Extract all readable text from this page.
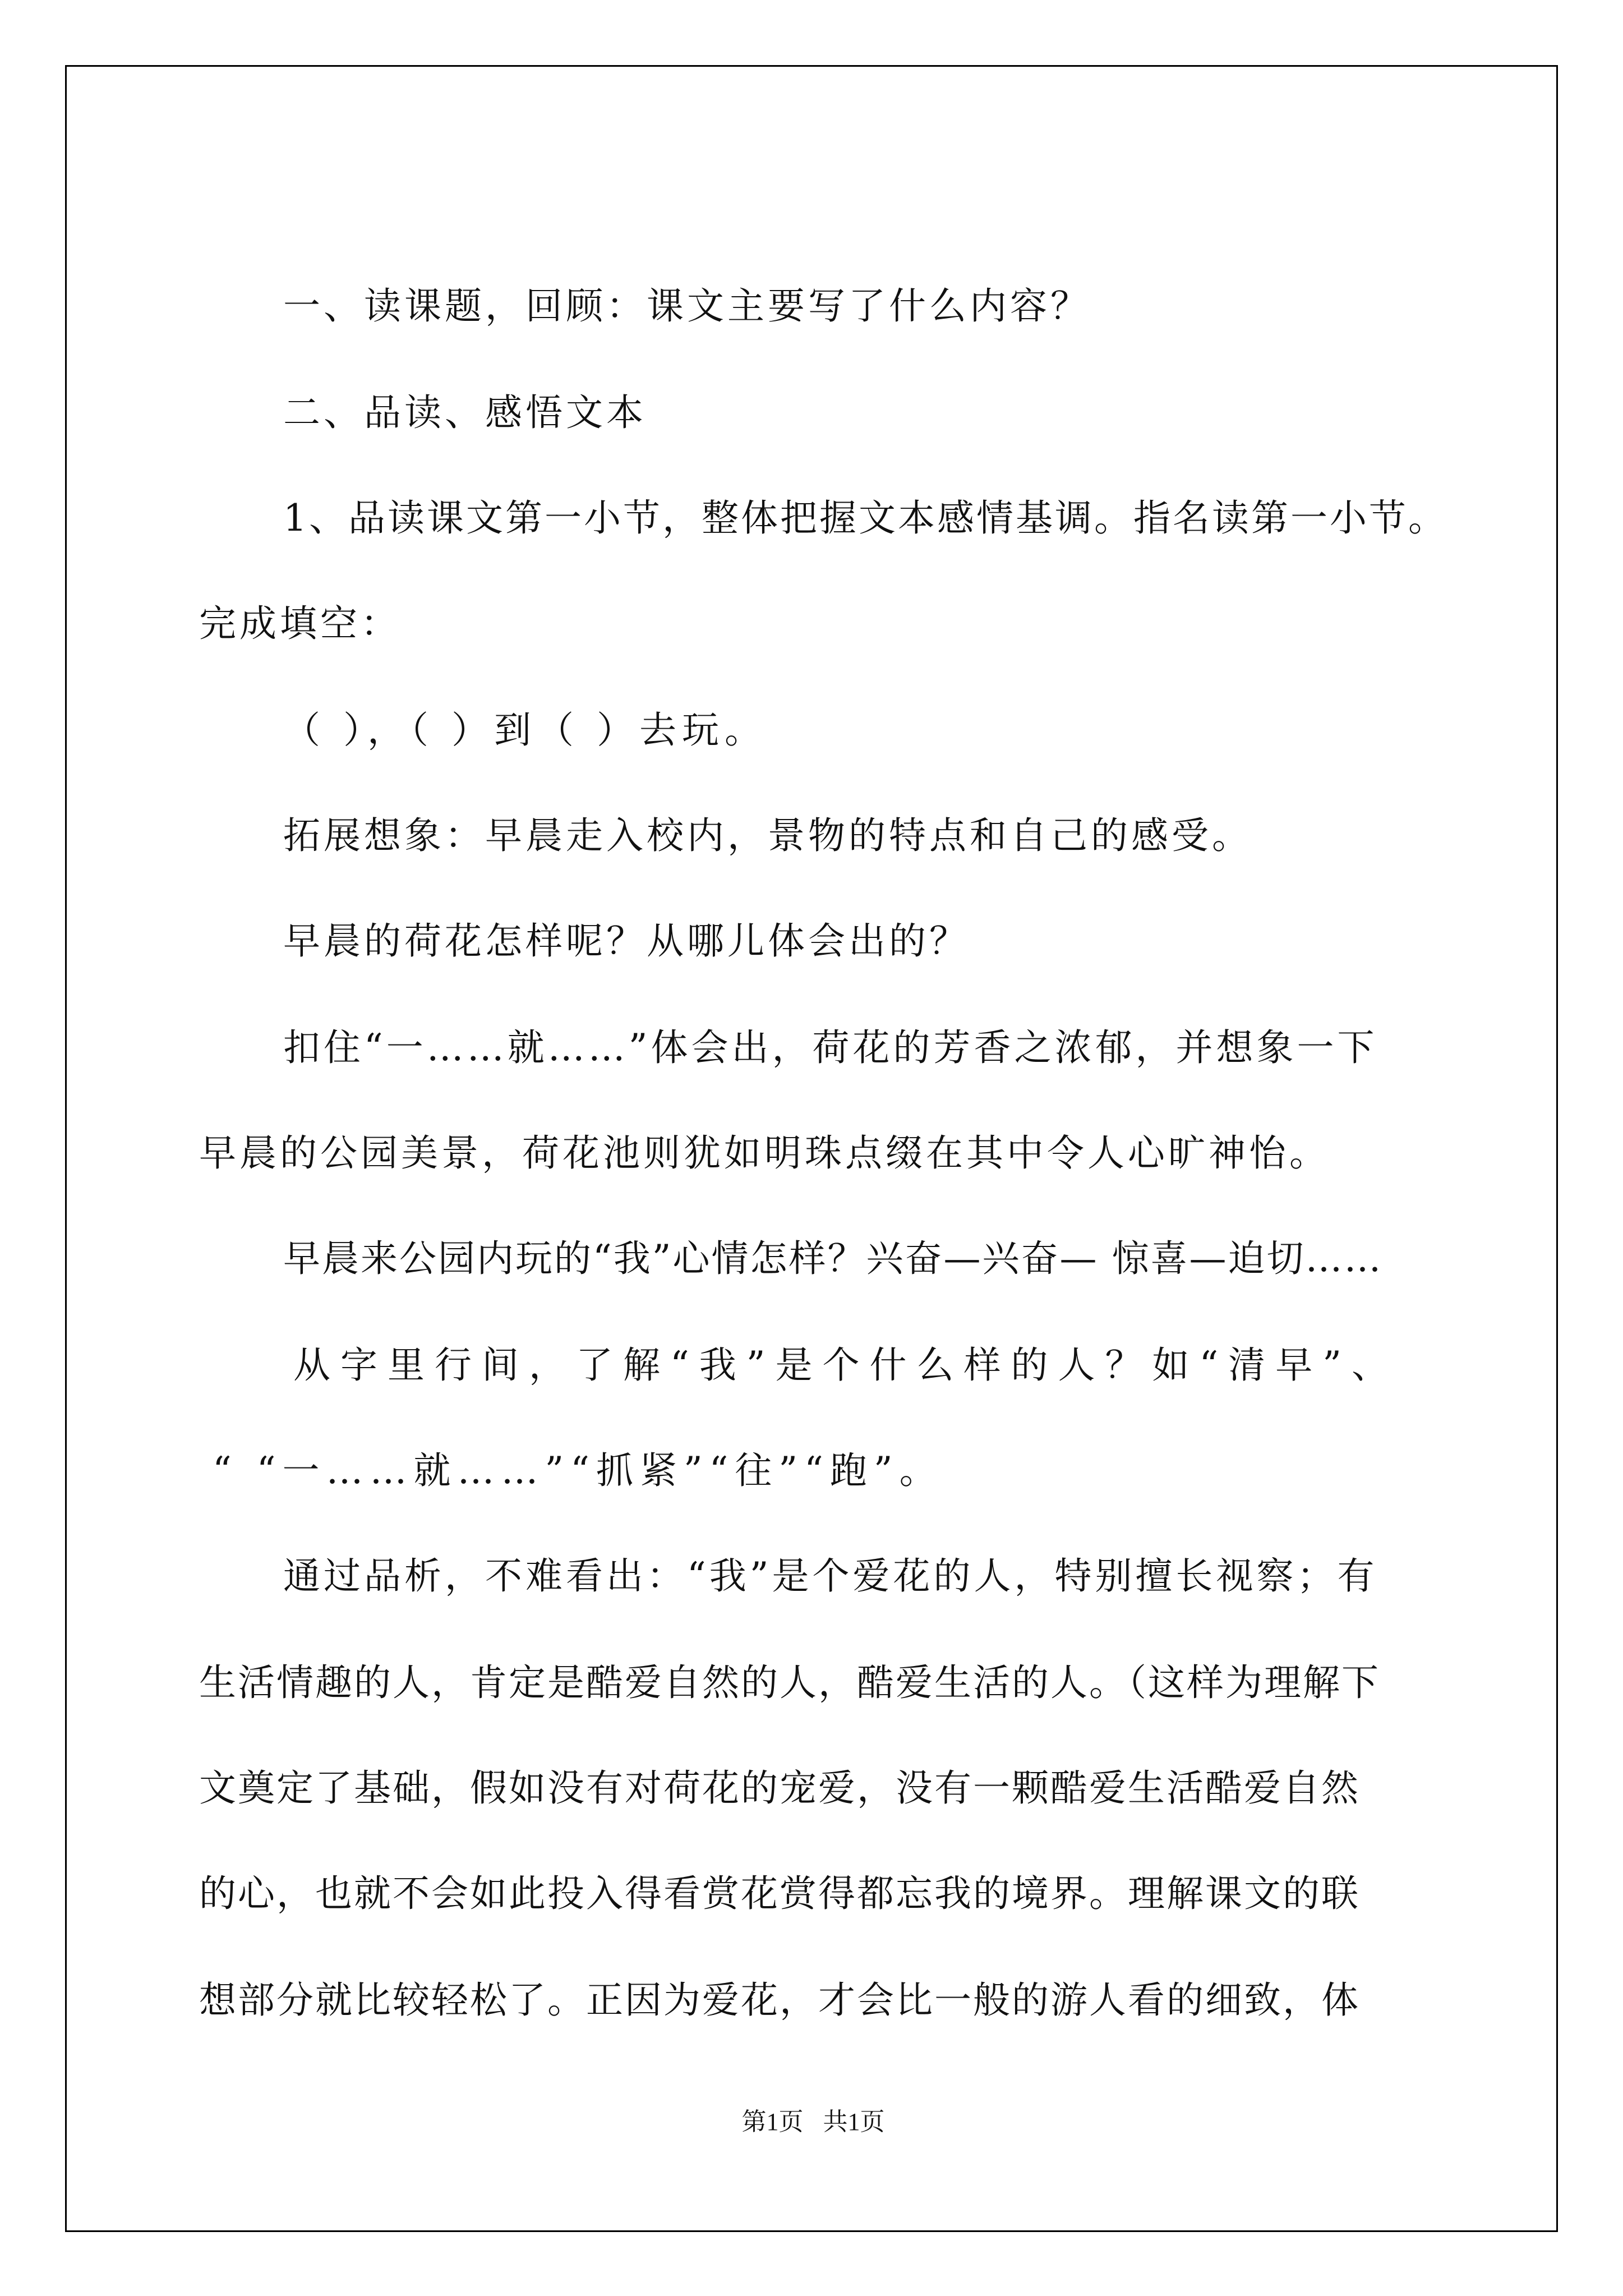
一、读课题，回顾：课文主要写了什么内容？
二、品读、感悟文本
1、品读课文第一小节，整体把握文本感情基调。指名读第一小节。
完成填空：
（ ），（ ）到（ ）去玩。
拓展想象：早晨走入校内，景物的特点和自己的感受。
早晨的荷花怎样呢？从哪儿体会出的？
扣住“一……就……”体会出，荷花的芳香之浓郁，并想象一下
早晨的公园美景，荷花池则犹如明珠点缀在其中令人心旷神怡。
早晨来公园内玩的“我”心情怎样？兴奋—兴奋— 惊喜—迫切……
从字里行间，了解“我”是个什么样的人？如“清早”、
“ “一……就……”“抓紧”“往”“跑”。
通过品析，不难看出：“我”是个爱花的人，特别擅长视察；有
生活情趣的人，肯定是酷爱自然的人，酷爱生活的人。（这样为理解下
文奠定了基础，假如没有对荷花的宠爱，没有一颗酷爱生活酷爱自然
的心，也就不会如此投入得看赏花赏得都忘我的境界。理解课文的联
想部分就比较轻松了。正因为爱花，才会比一般的游人看的细致，体
第1页 共1页
